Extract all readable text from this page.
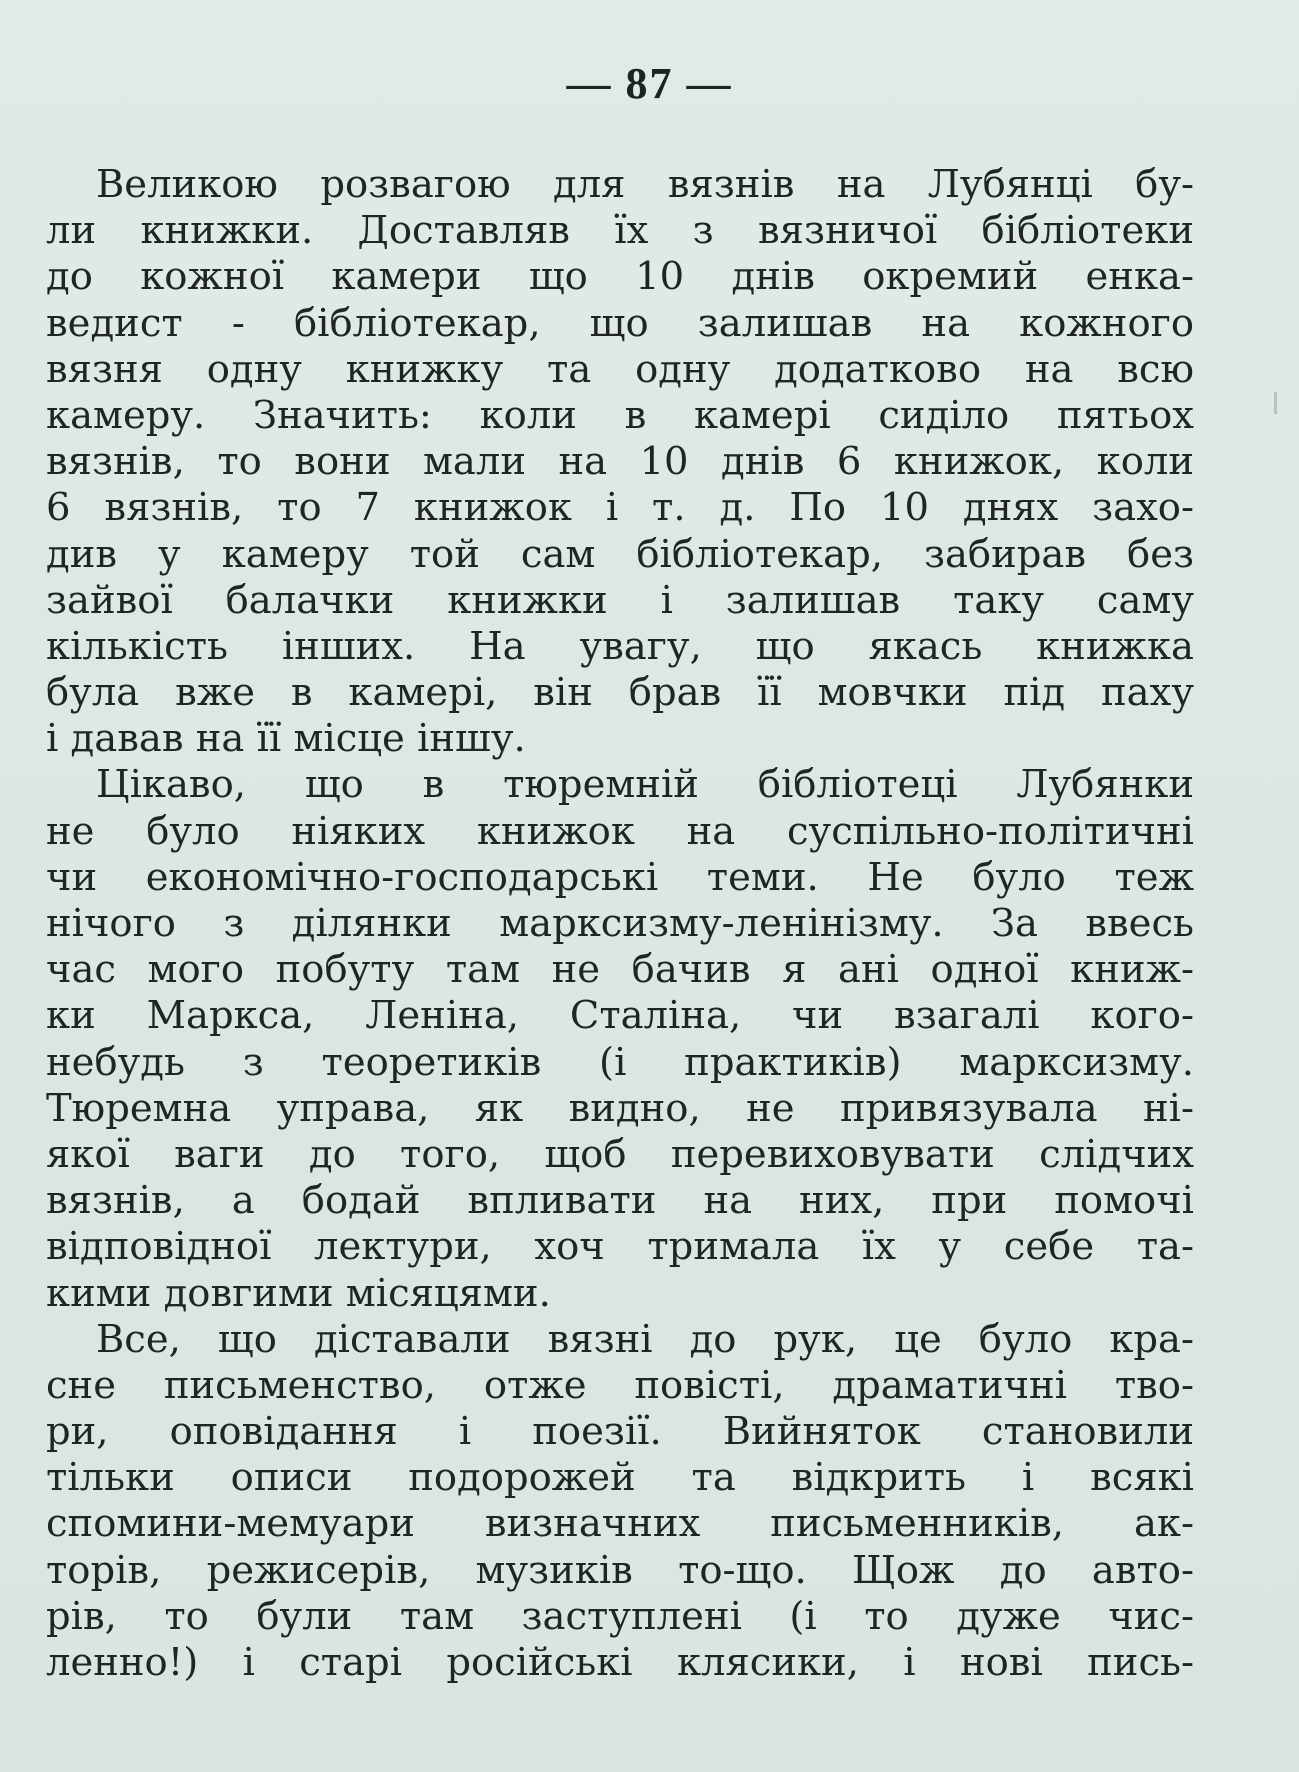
— 87 —
Великою розвагою для вязнів на Лубянці бу-
ли книжки. Доставляв їх з вязничої бібліотеки
до кожної камери що 10 днів окремий енка-
ведист - бібліотекар, що залишав на кожного
вязня одну книжку та одну додатково на всю
камеру. Значить: коли в камері сиділо пятьох
вязнів, то вони мали на 10 днів 6 книжок, коли
6 вязнів, то 7 книжок і т. д. По 10 днях захо-
див у камеру той сам бібліотекар, забирав без
зайвої балачки книжки і залишав таку саму
кількість інших. На увагу, що якась книжка
була вже в камері, він брав її мовчки під паху
і давав на її місце іншу.
Цікаво, що в тюремній бібліотеці Лубянки
не було ніяких книжок на суспільно-політичні
чи економічно-господарські теми. Не було теж
нічого з ділянки марксизму-ленінізму. За ввесь
час мого побуту там не бачив я ані одної книж-
ки Маркса, Леніна, Сталіна, чи взагалі кого-
небудь з теоретиків (і практиків) марксизму.
Тюремна управа, як видно, не привязувала ні-
якої ваги до того, щоб перевиховувати слідчих
вязнів, а бодай впливати на них, при помочі
відповідної лектури, хоч тримала їх у себе та-
кими довгими місяцями.
Все, що діставали вязні до рук, це було кра-
сне письменство, отже повісті, драматичні тво-
ри, оповідання і поезії. Вийняток становили
тільки описи подорожей та відкрить і всякі
спомини-мемуари визначних письменників, ак-
торів, режисерів, музиків то-що. Щож до авто-
рів, то були там заступлені (і то дуже чис-
ленно!) і старі російські клясики, і нові пись-
